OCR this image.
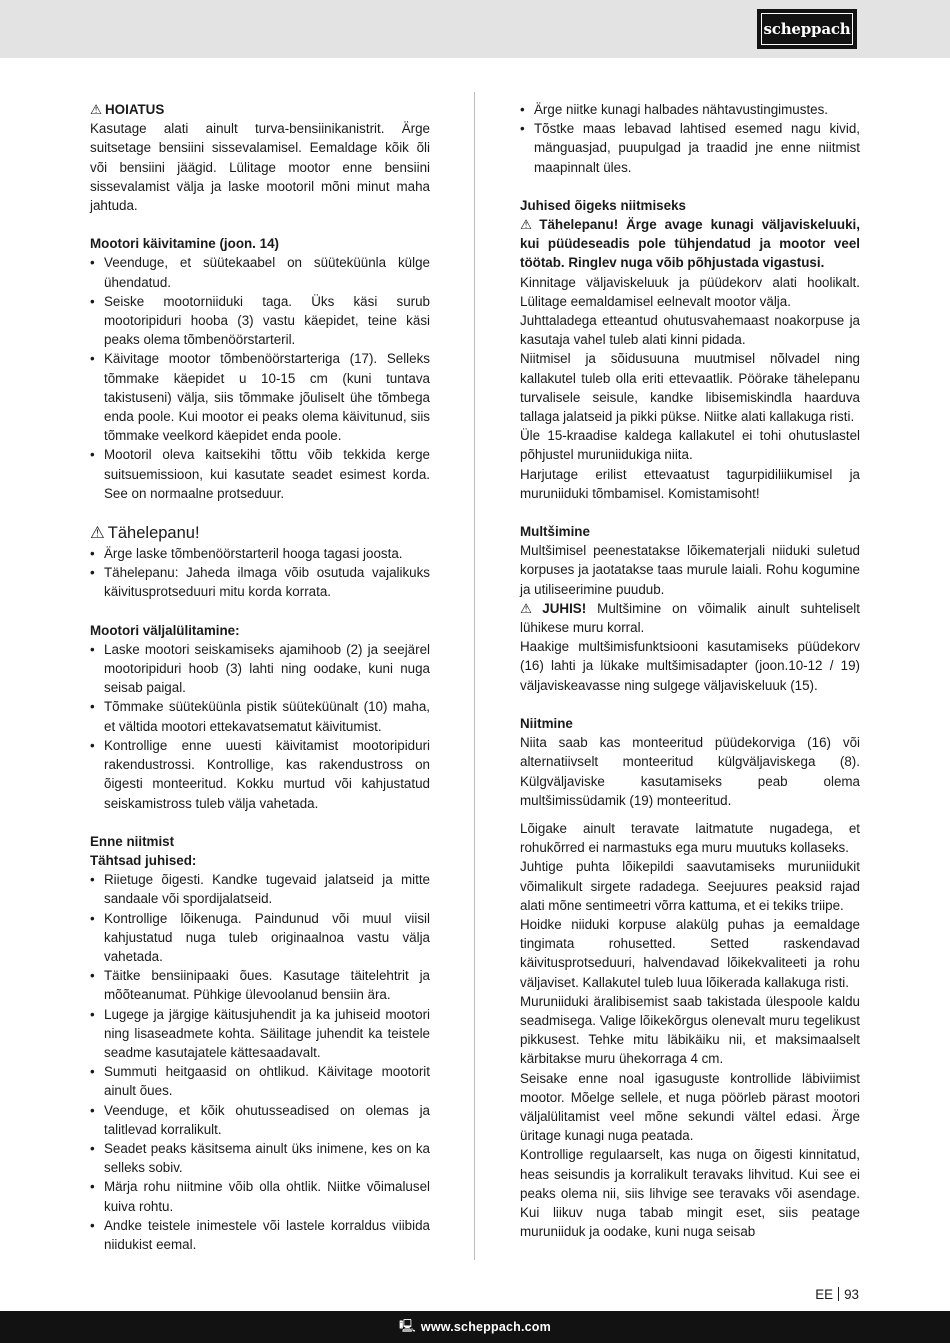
scheppach

⚠ HOIATUS

Kasutage alati ainult turva-bensiinikanistrit. Ärge suitsetage bensiini sissevalamisel. Eemaldage kõik õli või bensiini jäägid. Lülitage mootor enne bensiini sissevalamist välja ja laske mootoril mõni minut maha jahtuda.

Mootori käivitamine (joon. 14)

• Veenduge, et süütekaabel on süüteküünla külge ühendatud.
• Seiske mootorniiduki taga. Üks käsi surub mootoripiduri hooba (3) vastu käepidet, teine käsi peaks olema tõmbenöörstarteril.
• Käivitage mootor tõmbenöörstarteriga (17). Selleks tõmmake käepidet u 10-15 cm (kuni tuntava takistuseni) välja, siis tõmmake jõuliselt ühe tõmbega enda poole. Kui mootor ei peaks olema käivitunud, siis tõmmake veelkord käepidet enda poole.
• Mootoril oleva kaitsekihi tõttu võib tekkida kerge suitsuemissioon, kui kasutate seadet esimest korda. See on normaalne protseduur.

⚠ Tähelepanu!

• Ärge laske tõmbenöörstarteril hooga tagasi joosta.
• Tähelepanu: Jaheda ilmaga võib osutuda vajalikuks käivitusprotseduuri mitu korda korrata.

Mootori väljalülitamine:

• Laske mootori seiskamiseks ajamihoob (2) ja seejärel mootoripiduri hoob (3) lahti ning oodake, kuni nuga seisab paigal.
• Tõmmake süüteküünla pistik süüteküünalt (10) maha, et vältida mootori ettekavatsematut käivitumist.
• Kontrollige enne uuesti käivitamist mootoripiduri rakendustrossi. Kontrollige, kas rakendustross on õigesti monteeritud. Kokku murtud või kahjustatud seiskamistross tuleb välja vahetada.

Enne niitmist

Tähtsad juhised:

• Riietuge õigesti. Kandke tugevaid jalatseid ja mitte sandaale või spordijalatseid.
• Kontrollige lõikenuga. Paindunud või muul viisil kahjustatud nuga tuleb originaalnoa vastu välja vahetada.
• Täitke bensiinipaaki õues. Kasutage täitelehtrit ja mõõteanumat. Pühkige ülevoolanud bensiin ära.
• Lugege ja järgige käitusjuhendit ja ka juhiseid mootori ning lisaseadmete kohta. Säilitage juhendit ka teistele seadme kasutajatele kättesaadavalt.
• Summuti heitgaasid on ohtlikud. Käivitage mootorit ainult õues.
• Veenduge, et kõik ohutusseadised on olemas ja talitlevad korralikult.
• Seadet peaks käsitsema ainult üks inimene, kes on ka selleks sobiv.
• Märja rohu niitmine võib olla ohtlik. Niitke võimalusel kuiva rohtu.
• Andke teistele inimestele või lastele korraldus viibida niidukist eemal.
• Ärge niitke kunagi halbades nähtavustingimustes.
• Tõstke maas lebavad lahtised esemed nagu kivid, mänguasjad, puupulgad ja traadid jne enne niitmist maapinnalt üles.

Juhised õigeks niitmiseks

⚠ Tähelepanu! Ärge avage kunagi väljaviskeluuki, kui püüdeseadis pole tühjendatud ja mootor veel töötab. Ringlev nuga võib põhjustada vigastusi.

Kinnitage väljaviskeluuk ja püüdekorv alati hoolikalt. Lülitage eemaldamisel eelnevalt mootor välja.

Juhttaladega etteantud ohutusvahemaast noakorpuse ja kasutaja vahel tuleb alati kinni pidada.

Niitmisel ja sõidusuuna muutmisel nõlvadel ning kallakutel tuleb olla eriti ettevaatlik. Pöörake tähelepanu turvalisele seisule, kandke libisemiskindla haarduva tallaga jalatseid ja pikki pükse. Niitke alati kallakuga risti.

Üle 15-kraadise kaldega kallakutel ei tohi ohutuslastel põhjustel muruniidukiga niita.

Harjutage erilist ettevaatust tagurpidiliikumisel ja muruniiduki tõmbamisel. Komistamisoht!

Multšimine

Multšimisel peenestatakse lõikematerjali niiduki suletud korpuses ja jaotatakse taas murule laiali. Rohu kogumine ja utiliseerimine puudub.

⚠ JUHIS! Multšimine on võimalik ainult suhteliselt lühikese muru korral.

Haakige multšimisfunktsiooni kasutamiseks püüdekorv (16) lahti ja lükake multšimisadapter (joon.10-12 / 19) väljaviskeavasse ning sulgege väljaviskeluuk (15).

Niitmine

Niita saab kas monteeritud püüdekorviga (16) või alternatiivselt monteeritud külgväljaviskega (8). Külgväljaviske kasutamiseks peab olema multšimissüdamik (19) monteeritud.

Lõigake ainult teravate laitmatute nugadega, et rohukõrred ei narmastuks ega muru muutuks kollaseks.

Juhtige puhta lõikepildi saavutamiseks muruniidukit võimalikult sirgete radadega. Seejuures peaksid rajad alati mõne sentimeetri võrra kattuma, et ei tekiks triipe.

Hoidke niiduki korpuse alakülg puhas ja eemaldage tingimata rohusetted. Setted raskendavad käivitusprotseduuri, halvendavad lõikekvaliteeti ja rohu väljaviset. Kallakutel tuleb luua lõikerada kallakuga risti.

Muruniiduki äralibisemist saab takistada ülespoole kaldu seadmisega. Valige lõikekõrgus olenevalt muru tegelikust pikkusest. Tehke mitu läbikäiku nii, et maksimaalselt kärbitakse muru ühekorraga 4 cm.

Seisake enne noal igasuguste kontrollide läbiviimist mootor. Mõelge sellele, et nuga pöörleb pärast mootori väljalülitamist veel mõne sekundi vältel edasi. Ärge üritage kunagi nuga peatada.

Kontrollige regulaarselt, kas nuga on õigesti kinnitatud, heas seisundis ja korralikult teravaks lihvitud. Kui see ei peaks olema nii, siis lihvige see teravaks või asendage. Kui liikuv nuga tabab mingit eset, siis peatage muruniiduk ja oodake, kuni nuga seisab

EE 93
🖳 www.scheppach.com
